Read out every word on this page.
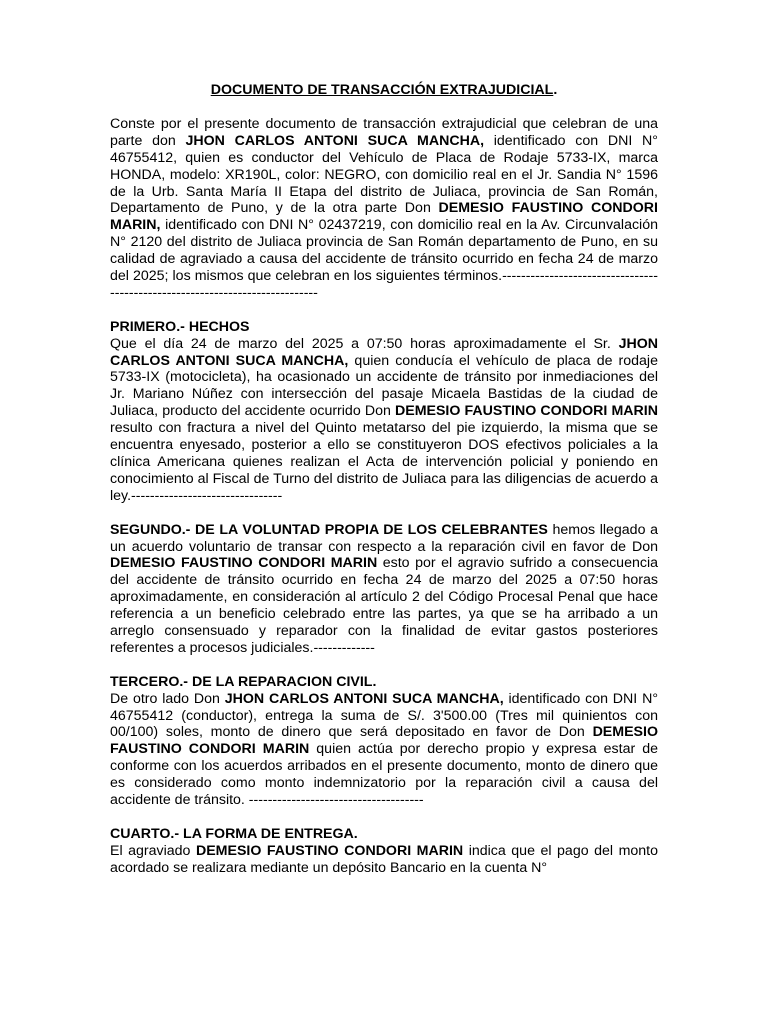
DOCUMENTO DE TRANSACCIÓN EXTRAJUDICIAL.
Conste por el presente documento de transacción extrajudicial que celebran de una parte don JHON CARLOS ANTONI SUCA MANCHA, identificado con DNI N° 46755412, quien es conductor del Vehículo de Placa de Rodaje 5733-IX, marca HONDA, modelo: XR190L, color: NEGRO, con domicilio real en el Jr. Sandia N° 1596 de la Urb. Santa María II Etapa del distrito de Juliaca, provincia de San Román, Departamento de Puno, y de la otra parte Don DEMESIO FAUSTINO CONDORI MARIN, identificado con DNI N° 02437219, con domicilio real en la Av. Circunvalación N° 2120 del distrito de Juliaca provincia de San Román departamento de Puno, en su calidad de agraviado a causa del accidente de tránsito ocurrido en fecha 24 de marzo del 2025; los mismos que celebran en los siguientes términos.-----------------------------------------------------------------------------
PRIMERO.- HECHOS
Que el día 24 de marzo del 2025 a 07:50 horas aproximadamente el Sr. JHON CARLOS ANTONI SUCA MANCHA, quien conducía el vehículo de placa de rodaje 5733-IX (motocicleta), ha ocasionado un accidente de tránsito por inmediaciones del Jr. Mariano Núñez con intersección del pasaje Micaela Bastidas de la ciudad de Juliaca, producto del accidente ocurrido Don DEMESIO FAUSTINO CONDORI MARIN resulto con fractura a nivel del Quinto metatarso del pie izquierdo, la misma que se encuentra enyesado, posterior a ello se constituyeron DOS efectivos policiales a la clínica Americana quienes realizan el Acta de intervención policial y poniendo en conocimiento al Fiscal de Turno del distrito de Juliaca para las diligencias de acuerdo a ley.--------------------------------
SEGUNDO.- DE LA VOLUNTAD PROPIA DE LOS CELEBRANTES hemos llegado a un acuerdo voluntario de transar con respecto a la reparación civil en favor de Don DEMESIO FAUSTINO CONDORI MARIN esto por el agravio sufrido a consecuencia del accidente de tránsito ocurrido en fecha 24 de marzo del 2025 a 07:50 horas aproximadamente, en consideración al artículo 2 del Código Procesal Penal que hace referencia a un beneficio celebrado entre las partes, ya que se ha arribado a un arreglo consensuado y reparador con la finalidad de evitar gastos posteriores referentes a procesos judiciales.-------------
TERCERO.- DE LA REPARACION CIVIL.
De otro lado Don JHON CARLOS ANTONI SUCA MANCHA, identificado con DNI N° 46755412 (conductor), entrega la suma de S/. 3'500.00 (Tres mil quinientos con 00/100) soles, monto de dinero que será depositado en favor de Don DEMESIO FAUSTINO CONDORI MARIN quien actúa por derecho propio y expresa estar de conforme con los acuerdos arribados en el presente documento, monto de dinero que es considerado como monto indemnizatorio por la reparación civil a causa del accidente de tránsito. -------------------------------------
CUARTO.- LA FORMA DE ENTREGA.
El agraviado DEMESIO FAUSTINO CONDORI MARIN indica que el pago del monto acordado se realizara mediante un depósito Bancario en la cuenta N°
